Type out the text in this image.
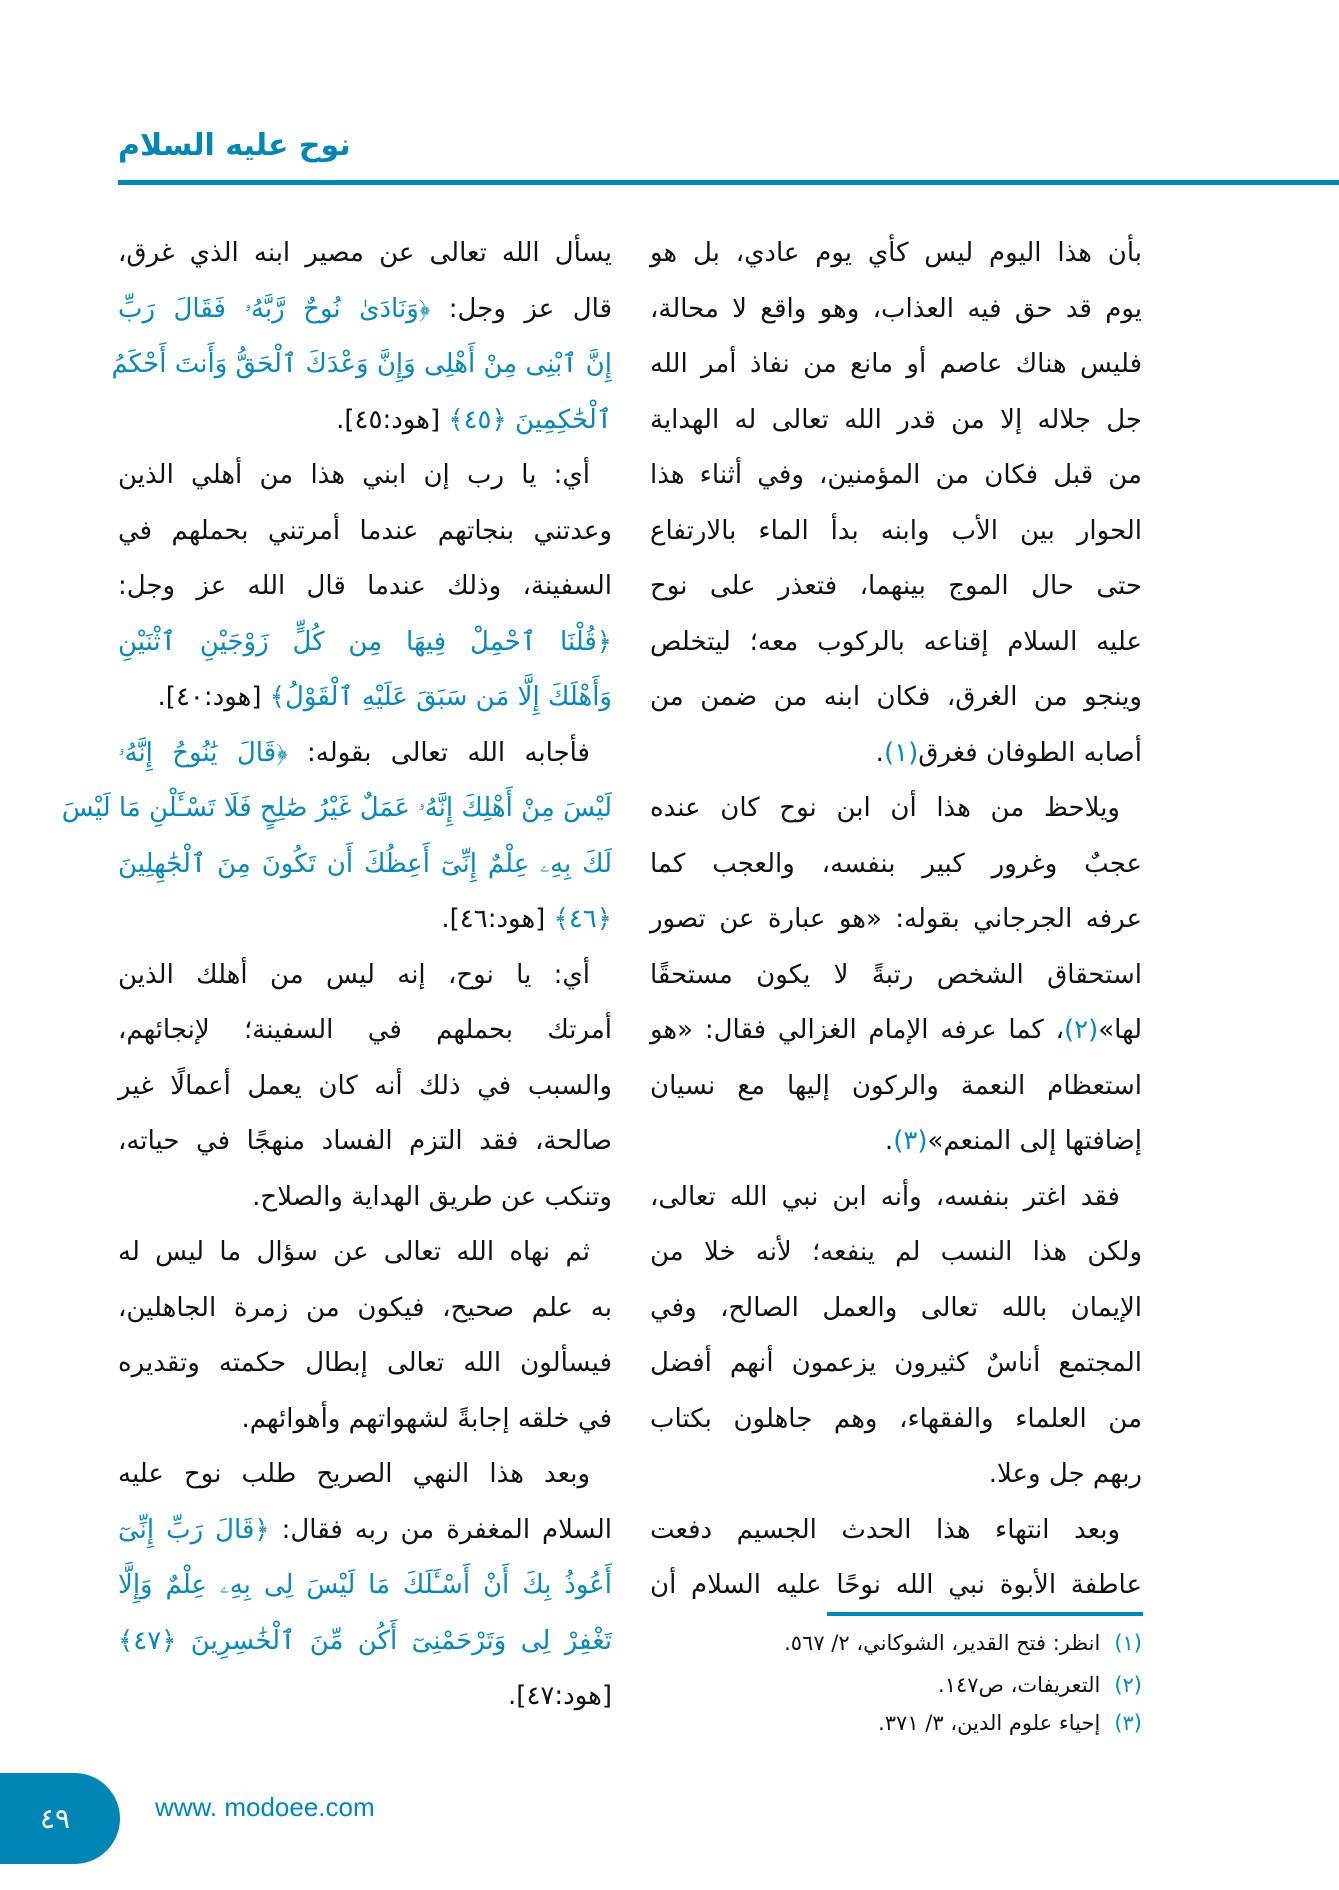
نوح عليه السلام
بأن هذا اليوم ليس كأي يوم عادي، بل هو
يوم قد حق فيه العذاب، وهو واقع لا محالة،
فليس هناك عاصم أو مانع من نفاذ أمر الله
جل جلاله إلا من قدر الله تعالى له الهداية
من قبل فكان من المؤمنين، وفي أثناء هذا
الحوار بين الأب وابنه بدأ الماء بالارتفاع
حتى حال الموج بينهما، فتعذر على نوح
عليه السلام إقناعه بالركوب معه؛ ليتخلص
وينجو من الغرق، فكان ابنه من ضمن من
أصابه الطوفان فغرق(١).
ويلاحظ من هذا أن ابن نوح كان عنده
عجبٌ وغرور كبير بنفسه، والعجب كما
عرفه الجرجاني بقوله: «هو عبارة عن تصور
استحقاق الشخص رتبةً لا يكون مستحقًا
لها»(٢)، كما عرفه الإمام الغزالي فقال: «هو
استعظام النعمة والركون إليها مع نسيان
إضافتها إلى المنعم»(٣).
فقد اغتر بنفسه، وأنه ابن نبي الله تعالى،
ولكن هذا النسب لم ينفعه؛ لأنه خلا من
الإيمان بالله تعالى والعمل الصالح، وفي
المجتمع أناسٌ كثيرون يزعمون أنهم أفضل
من العلماء والفقهاء، وهم جاهلون بكتاب
ربهم جل وعلا.
وبعد انتهاء هذا الحدث الجسيم دفعت
عاطفة الأبوة نبي الله نوحًا عليه السلام أن
يسأل الله تعالى عن مصير ابنه الذي غرق،
قال عز وجل: ﴿وَنَادَىٰ نُوحٌ رَّبَّهُۥ فَقَالَ رَبِّ
إِنَّ ٱبْنِى مِنْ أَهْلِى وَإِنَّ وَعْدَكَ ٱلْحَقُّ وَأَنتَ أَحْكَمُ
ٱلْحَٰكِمِينَ ﴿٤٥﴾ [هود:٤٥].
أي: يا رب إن ابني هذا من أهلي الذين
وعدتني بنجاتهم عندما أمرتني بحملهم في
السفينة، وذلك عندما قال الله عز وجل:
﴿قُلْنَا ٱحْمِلْ فِيهَا مِن كُلٍّ زَوْجَيْنِ ٱثْنَيْنِ
وَأَهْلَكَ إِلَّا مَن سَبَقَ عَلَيْهِ ٱلْقَوْلُ﴾ [هود:٤٠].
فأجابه الله تعالى بقوله: ﴿قَالَ يَٰنُوحُ إِنَّهُۥ
لَيْسَ مِنْ أَهْلِكَ إِنَّهُۥ عَمَلٌ غَيْرُ صَٰلِحٍ فَلَا تَسْـَٔلْنِ مَا لَيْسَ
لَكَ بِهِۦ عِلْمٌ إِنِّىٓ أَعِظُكَ أَن تَكُونَ مِنَ ٱلْجَٰهِلِينَ
﴿٤٦﴾ [هود:٤٦].
أي: يا نوح، إنه ليس من أهلك الذين
أمرتك بحملهم في السفينة؛ لإنجائهم،
والسبب في ذلك أنه كان يعمل أعمالًا غير
صالحة، فقد التزم الفساد منهجًا في حياته،
وتنكب عن طريق الهداية والصلاح.
ثم نهاه الله تعالى عن سؤال ما ليس له
به علم صحيح، فيكون من زمرة الجاهلين،
فيسألون الله تعالى إبطال حكمته وتقديره
في خلقه إجابةً لشهواتهم وأهوائهم.
وبعد هذا النهي الصريح طلب نوح عليه
السلام المغفرة من ربه فقال: ﴿قَالَ رَبِّ إِنِّىٓ
أَعُوذُ بِكَ أَنْ أَسْـَٔلَكَ مَا لَيْسَ لِى بِهِۦ عِلْمٌ وَإِلَّا
تَغْفِرْ لِى وَتَرْحَمْنِىٓ أَكُن مِّنَ ٱلْخَٰسِرِينَ ﴿٤٧﴾
[هود:٤٧].
(١)انظر: فتح القدير، الشوكاني، ٢/ ٥٦٧.
(٢)التعريفات، ص١٤٧.
(٣)إحياء علوم الدين، ٣/ ٣٧١.
٤٩	www. modoee.com
